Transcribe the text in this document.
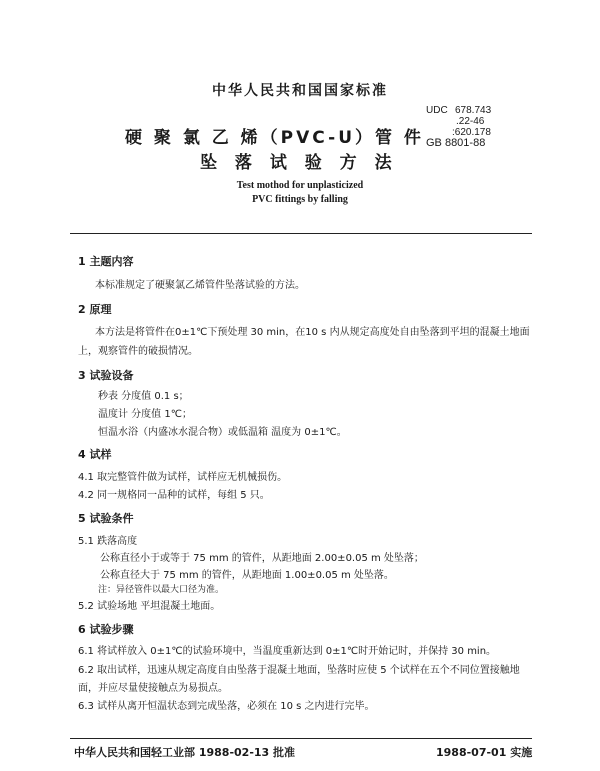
中华人民共和国国家标准
UDC 678.743
.22-46
:620.178
GB 8801-88
硬 聚 氯 乙 烯（PVC-U）管 件
坠 落 试 验 方 法
Test mothod for unplasticized
PVC fittings by falling
1 主题内容
本标准规定了硬聚氯乙烯管件坠落试验的方法。
2 原理
本方法是将管件在0±1℃下预处理 30 min，在10 s 内从规定高度处自由坠落到平坦的混凝土地面
上，观察管件的破损情况。
3 试验设备
秒表 分度值 0.1 s；
温度计 分度值 1℃；
恒温水浴（内盛冰水混合物）或低温箱 温度为 0±1℃。
4 试样
4.1 取完整管件做为试样，试样应无机械损伤。
4.2 同一规格同一品种的试样，每组 5 只。
5 试验条件
5.1 跌落高度
公称直径小于或等于 75 mm 的管件，从距地面 2.00±0.05 m 处坠落；
公称直径大于 75 mm 的管件，从距地面 1.00±0.05 m 处坠落。
注：异径管件以最大口径为准。
5.2 试验场地 平坦混凝土地面。
6 试验步骤
6.1 将试样放入 0±1℃的试验环境中，当温度重新达到 0±1℃时开始记时，并保持 30 min。
6.2 取出试样，迅速从规定高度自由坠落于混凝土地面，坠落时应使 5 个试样在五个不同位置接触地
面，并应尽量使接触点为易损点。
6.3 试样从离开恒温状态到完成坠落，必须在 10 s 之内进行完毕。
中华人民共和国轻工业部 1988-02-13 批准	1988-07-01 实施
